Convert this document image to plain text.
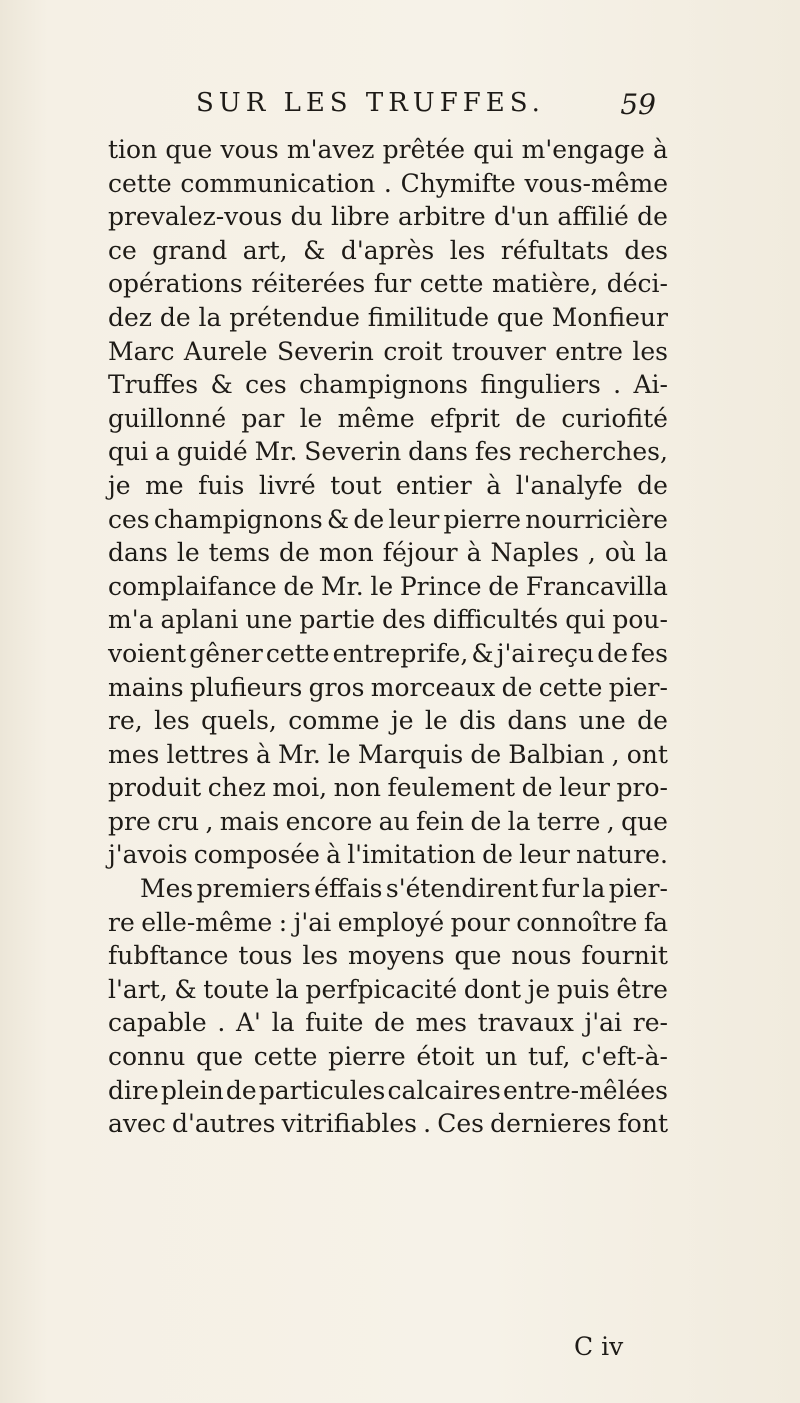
SUR LES TRUFFES.	59
tion que vous m'avez prêtée qui m'engage à
cette communication . Chymifte vous-même
prevalez-vous du libre arbitre d'un affilié de
ce grand art, & d'après les réfultats des
opérations réiterées fur cette matière, déci-
dez de la prétendue fimilitude que Monfieur
Marc Aurele Severin croit trouver entre les
Truffes & ces champignons finguliers . Ai-
guillonné par le même efprit de curiofité
qui a guidé Mr. Severin dans fes recherches,
je me fuis livré tout entier à l'analyfe de
ces champignons & de leur pierre nourricière
dans le tems de mon féjour à Naples , où la
complaifance de Mr. le Prince de Francavilla
m'a aplani une partie des difficultés qui pou-
voient gêner cette entreprife, & j'ai reçu de fes
mains plufieurs gros morceaux de cette pier-
re, les quels, comme je le dis dans une de
mes lettres à Mr. le Marquis de Balbian , ont
produit chez moi, non feulement de leur pro-
pre cru , mais encore au fein de la terre , que
j'avois composée à l'imitation de leur nature.
Mes premiers éffais s'étendirent fur la pier-
re elle-même : j'ai employé pour connoître fa
fubftance tous les moyens que nous fournit
l'art, & toute la perfpicacité dont je puis être
capable . A' la fuite de mes travaux j'ai re-
connu que cette pierre étoit un tuf, c'eft-à-
dire plein de particules calcaires entre-mêlées
avec d'autres vitrifiables . Ces dernieres font
C iv
